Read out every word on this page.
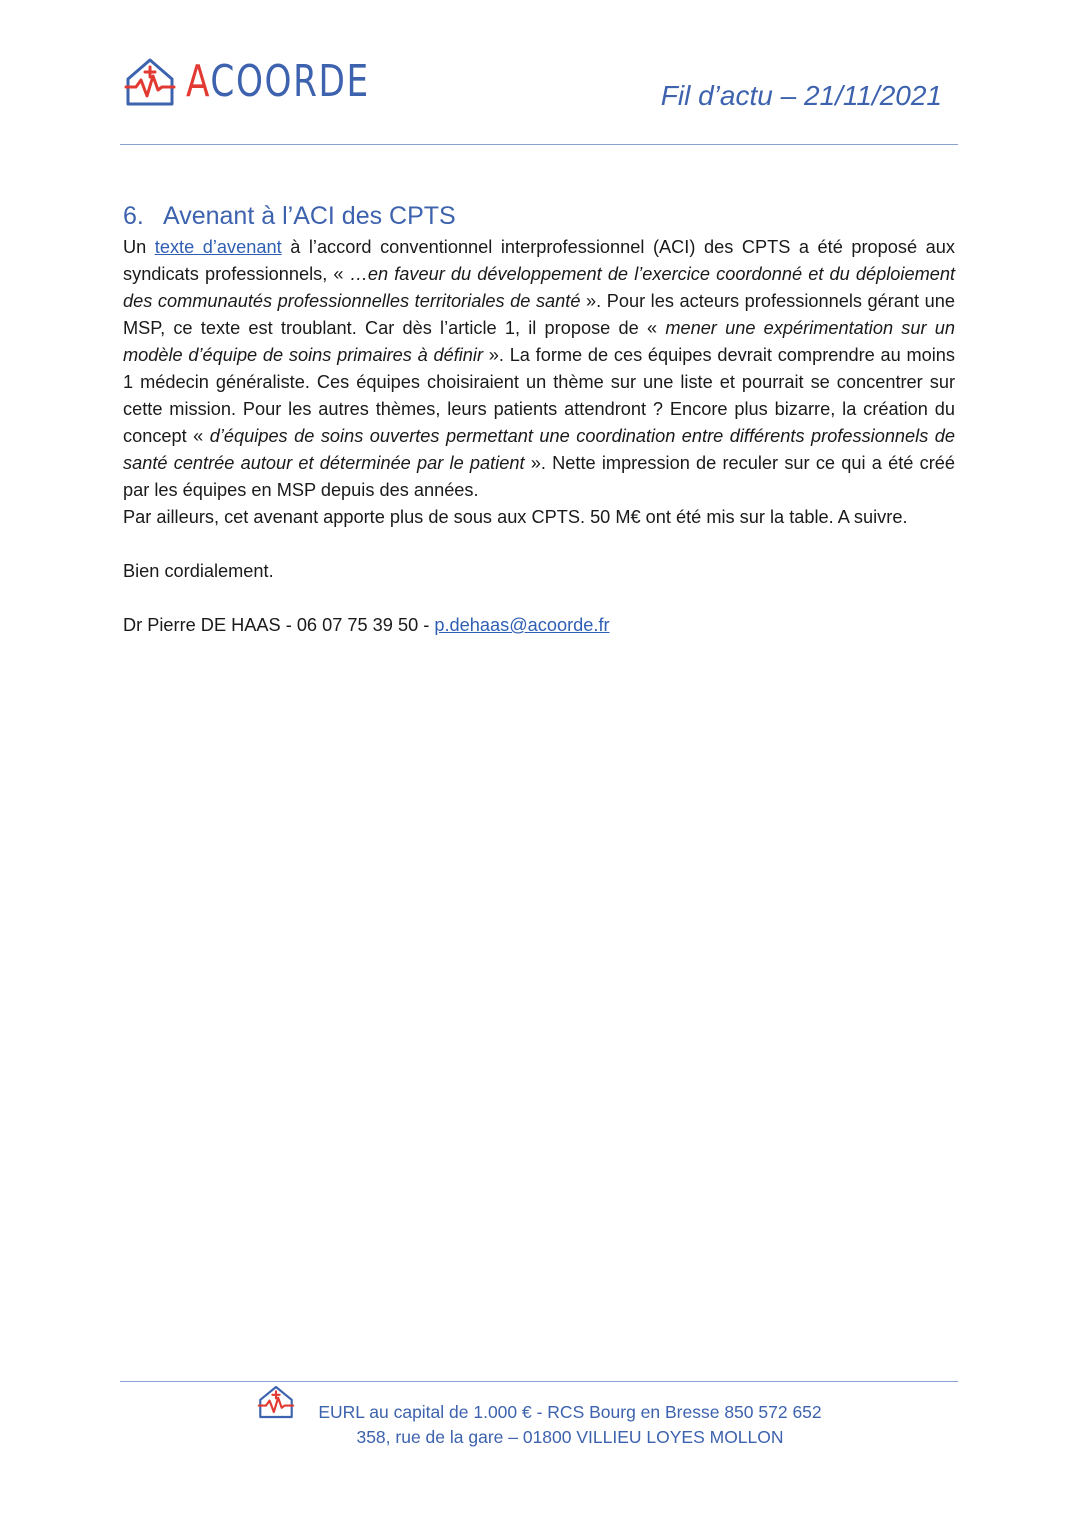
ACOORDE	Fil d’actu – 21/11/2021
6. Avenant à l’ACI des CPTS

Un texte d’avenant à l’accord conventionnel interprofessionnel (ACI) des CPTS a été proposé aux syndicats professionnels, « …en faveur du développement de l’exercice coordonné et du déploiement des communautés professionnelles territoriales de santé ». Pour les acteurs professionnels gérant une MSP, ce texte est troublant. Car dès l’article 1, il propose de « mener une expérimentation sur un modèle d’équipe de soins primaires à définir ». La forme de ces équipes devrait comprendre au moins 1 médecin généraliste. Ces équipes choisiraient un thème sur une liste et pourrait se concentrer sur cette mission. Pour les autres thèmes, leurs patients attendront ? Encore plus bizarre, la création du concept « d’équipes de soins ouvertes permettant une coordination entre différents professionnels de santé centrée autour et déterminée par le patient ». Nette impression de reculer sur ce qui a été créé par les équipes en MSP depuis des années.

Par ailleurs, cet avenant apporte plus de sous aux CPTS. 50 M€ ont été mis sur la table. A suivre.

Bien cordialement.

Dr Pierre DE HAAS - 06 07 75 39 50 - p.dehaas@acoorde.fr

EURL au capital de 1.000 € - RCS Bourg en Bresse 850 572 652
358, rue de la gare – 01800 VILLIEU LOYES MOLLON
